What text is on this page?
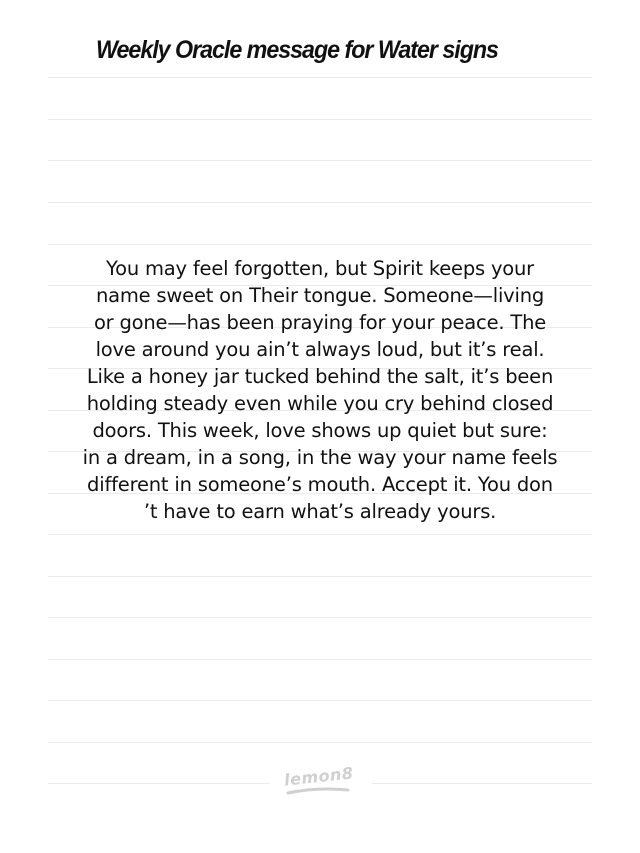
Weekly Oracle message for Water signs

You may feel forgotten, but Spirit keeps your
name sweet on Their tongue. Someone—living
or gone—has been praying for your peace. The
love around you ain’t always loud, but it’s real.
Like a honey jar tucked behind the salt, it’s been
holding steady even while you cry behind closed
doors. This week, love shows up quiet but sure:
in a dream, in a song, in the way your name feels
different in someone’s mouth. Accept it. You don
’t have to earn what’s already yours.

lemon8
